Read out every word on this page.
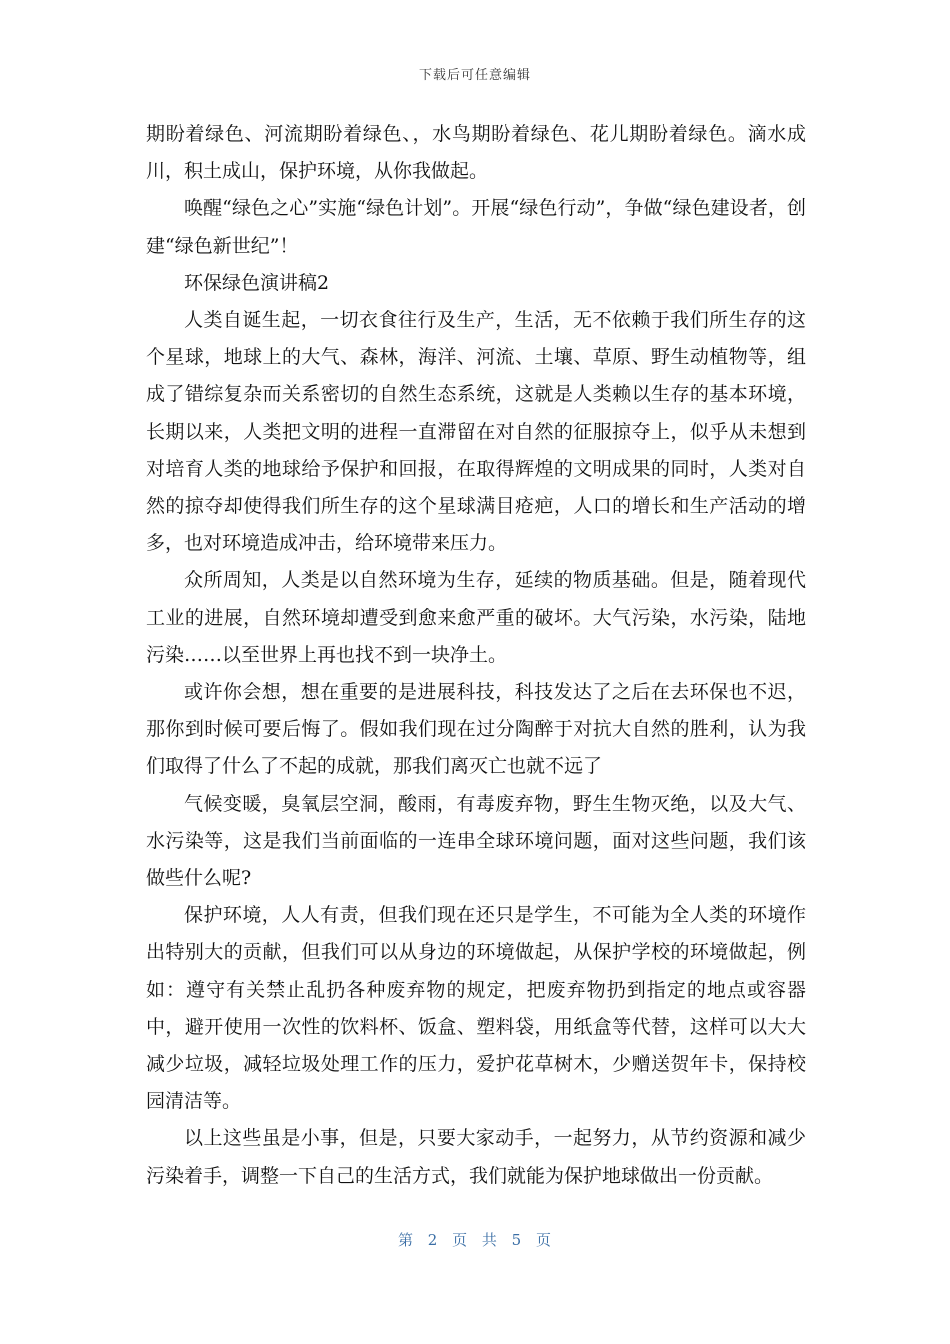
下载后可任意编辑

期盼着绿色、河流期盼着绿色、，水鸟期盼着绿色、花儿期盼着绿色。滴水成川，积土成山，保护环境，从你我做起。

唤醒“绿色之心”实施“绿色计划”。开展“绿色行动”，争做“绿色建设者，创建“绿色新世纪”！

环保绿色演讲稿2

人类自诞生起，一切衣食往行及生产，生活，无不依赖于我们所生存的这个星球，地球上的大气、森林，海洋、河流、土壤、草原、野生动植物等，组成了错综复杂而关系密切的自然生态系统，这就是人类赖以生存的基本环境，长期以来，人类把文明的进程一直滞留在对自然的征服掠夺上，似乎从未想到对培育人类的地球给予保护和回报，在取得辉煌的文明成果的同时，人类对自然的掠夺却使得我们所生存的这个星球满目疮疤，人口的增长和生产活动的增多，也对环境造成冲击，给环境带来压力。

众所周知，人类是以自然环境为生存，延续的物质基础。但是，随着现代工业的进展，自然环境却遭受到愈来愈严重的破坏。大气污染，水污染，陆地污染……以至世界上再也找不到一块净土。

或许你会想，想在重要的是进展科技，科技发达了之后在去环保也不迟，那你到时候可要后悔了。假如我们现在过分陶醉于对抗大自然的胜利，认为我们取得了什么了不起的成就，那我们离灭亡也就不远了

气候变暖，臭氧层空洞，酸雨，有毒废弃物，野生生物灭绝，以及大气、水污染等，这是我们当前面临的一连串全球环境问题，面对这些问题，我们该做些什么呢?

保护环境，人人有责，但我们现在还只是学生，不可能为全人类的环境作出特别大的贡献，但我们可以从身边的环境做起，从保护学校的环境做起，例如：遵守有关禁止乱扔各种废弃物的规定，把废弃物扔到指定的地点或容器中，避开使用一次性的饮料杯、饭盒、塑料袋，用纸盒等代替，这样可以大大减少垃圾，减轻垃圾处理工作的压力，爱护花草树木，少赠送贺年卡，保持校园清洁等。

以上这些虽是小事，但是，只要大家动手，一起努力，从节约资源和减少污染着手，调整一下自己的生活方式，我们就能为保护地球做出一份贡献。

第 2 页 共 5 页
